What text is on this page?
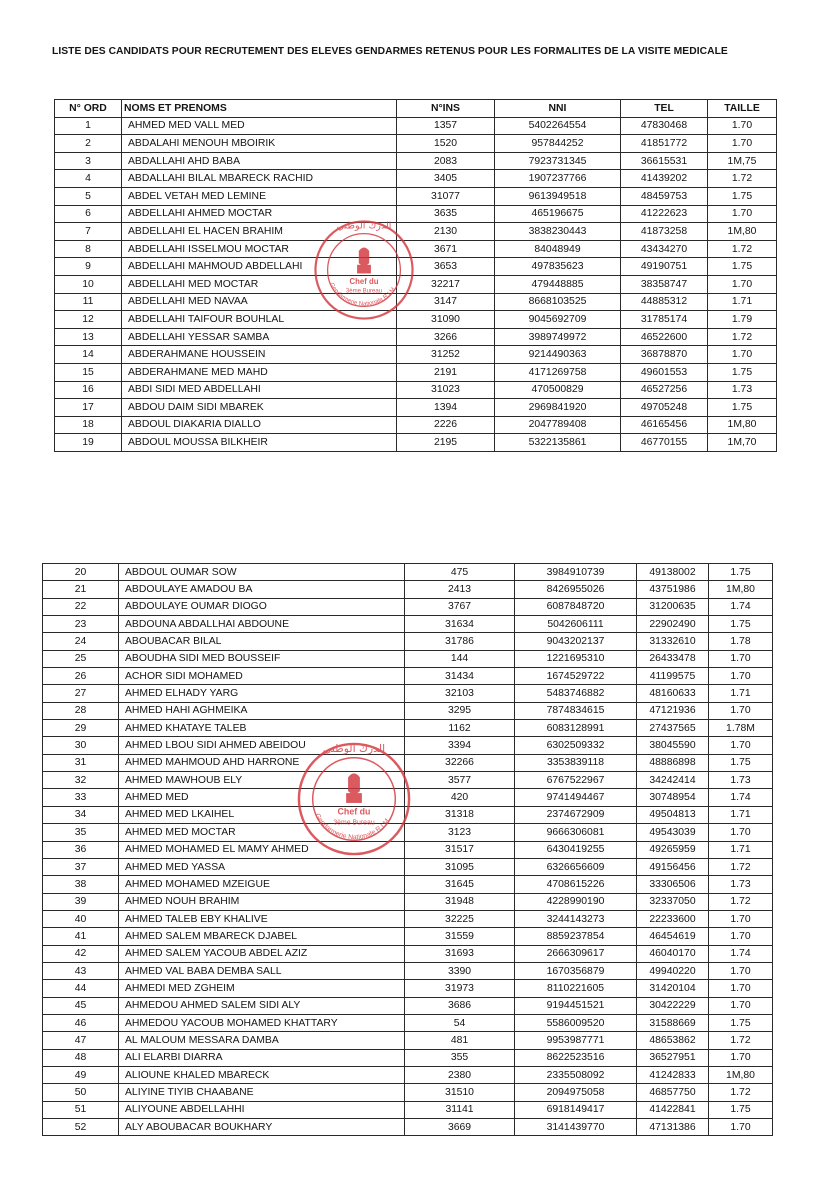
LISTE DES CANDIDATS POUR RECRUTEMENT DES ELEVES GENDARMES RETENUS POUR LES FORMALITES DE LA VISITE MEDICALE
N° ORD	NOMS ET PRENOMS	N°INS	NNI	TEL	TAILLE
1	AHMED MED VALL MED	1357	5402264554	47830468	1.70
2	ABDALAHI MENOUH MBOIRIK	1520	957844252	41851772	1.70
3	ABDALLAHI AHD BABA	2083	7923731345	36615531	1M,75
4	ABDALLAHI BILAL MBARECK RACHID	3405	1907237766	41439202	1.72
5	ABDEL VETAH MED LEMINE	31077	9613949518	48459753	1.75
6	ABDELLAHI AHMED MOCTAR	3635	465196675	41222623	1.70
7	ABDELLAHI EL HACEN BRAHIM	2130	3838230443	41873258	1M,80
8	ABDELLAHI ISSELMOU MOCTAR	3671	84048949	43434270	1.72
9	ABDELLAHI MAHMOUD ABDELLAHI	3653	497835623	49190751	1.75
10	ABDELLAHI MED MOCTAR	32217	479448885	38358747	1.70
11	ABDELLAHI MED NAVAA	3147	8668103525	44885312	1.71
12	ABDELLAHI TAIFOUR BOUHLAL	31090	9045692709	31785174	1.79
13	ABDELLAHI YESSAR SAMBA	3266	3989749972	46522600	1.72
14	ABDERAHMANE HOUSSEIN	31252	9214490363	36878870	1.70
15	ABDERAHMANE MED MAHD	2191	4171269758	49601553	1.75
16	ABDI SIDI MED ABDELLAHI	31023	470500829	46527256	1.73
17	ABDOU DAIM SIDI MBAREK	1394	2969841920	49705248	1.75
18	ABDOUL DIAKARIA DIALLO	2226	2047789408	46165456	1M,80
19	ABDOUL MOUSSA BILKHEIR	2195	5322135861	46770155	1M,70
20	ABDOUL OUMAR SOW	475	3984910739	49138002	1.75
21	ABDOULAYE AMADOU BA	2413	8426955026	43751986	1M,80
22	ABDOULAYE OUMAR DIOGO	3767	6087848720	31200635	1.74
23	ABDOUNA ABDALLHAI ABDOUNE	31634	5042606111	22902490	1.75
24	ABOUBACAR BILAL	31786	9043202137	31332610	1.78
25	ABOUDHA SIDI MED BOUSSEIF	144	1221695310	26433478	1.70
26	ACHOR SIDI MOHAMED	31434	1674529722	41199575	1.70
27	AHMED ELHADY YARG	32103	5483746882	48160633	1.71
28	AHMED HAHI AGHMEIKA	3295	7874834615	47121936	1.70
29	AHMED KHATAYE TALEB	1162	6083128991	27437565	1.78M
30	AHMED LBOU SIDI AHMED ABEIDOU	3394	6302509332	38045590	1.70
31	AHMED MAHMOUD AHD HARRONE	32266	3353839118	48886898	1.75
32	AHMED MAWHOUB ELY	3577	6767522967	34242414	1.73
33	AHMED MED	420	9741494467	30748954	1.74
34	AHMED MED LKAIHEL	31318	2374672909	49504813	1.71
35	AHMED MED MOCTAR	3123	9666306081	49543039	1.70
36	AHMED MOHAMED EL MAMY AHMED	31517	6430419255	49265959	1.71
37	AHMED MED YASSA	31095	6326656609	49156456	1.72
38	AHMED MOHAMED MZEIGUE	31645	4708615226	33306506	1.73
39	AHMED NOUH BRAHIM	31948	4228990190	32337050	1.72
40	AHMED TALEB EBY KHALIVE	32225	3244143273	22233600	1.70
41	AHMED SALEM MBARECK DJABEL	31559	8859237854	46454619	1.70
42	AHMED SALEM YACOUB ABDEL AZIZ	31693	2666309617	46040170	1.74
43	AHMED VAL BABA DEMBA SALL	3390	1670356879	49940220	1.70
44	AHMEDI MED ZGHEIM	31973	8110221605	31420104	1.70
45	AHMEDOU AHMED SALEM SIDI ALY	3686	9194451521	30422229	1.70
46	AHMEDOU YACOUB MOHAMED KHATTARY	54	5586009520	31588669	1.75
47	AL MALOUM MESSARA DAMBA	481	9953987771	48653862	1.72
48	ALI ELARBI DIARRA	355	8622523516	36527951	1.70
49	ALIOUNE KHALED MBARECK	2380	2335508092	41242833	1M,80
50	ALIYINE TIYIB CHAABANE	31510	2094975058	46857750	1.72
51	ALIYOUNE ABDELLAHHI	31141	6918149417	41422841	1.75
52	ALY ABOUBACAR BOUKHARY	3669	3141439770	47131386	1.70
الدرك الوطني
Chef du
3ème Bureau
Gendarmerie Nationale R.I.M
الدرك الوطني
Chef du
3ème Bureau
Gendarmerie Nationale R.I.M
